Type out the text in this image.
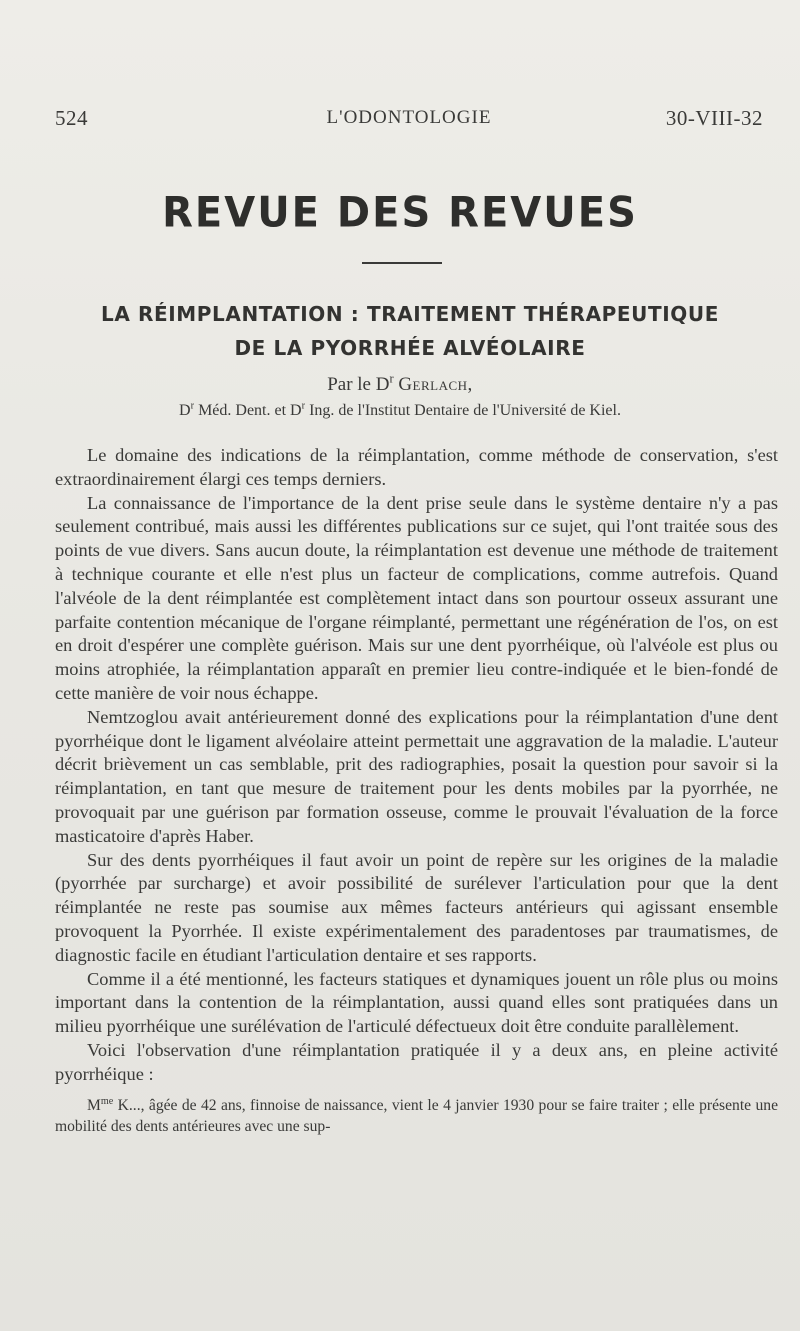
524	L'ODONTOLOGIE	30-VIII-32
REVUE DES REVUES
LA RÉIMPLANTATION : TRAITEMENT THÉRAPEUTIQUE
DE LA PYORRHÉE ALVÉOLAIRE
Par le $D^r$ Gerlach,
$D^r$ Méd. Dent. et $D^r$ Ing. de l'Institut Dentaire de l'Université de Kiel.

Le domaine des indications de la réimplantation, comme méthode de conservation, s'est extraordinairement élargi ces temps derniers.

La connaissance de l'importance de la dent prise seule dans le système dentaire n'y a pas seulement contribué, mais aussi les différentes publications sur ce sujet, qui l'ont traitée sous des points de vue divers. Sans aucun doute, la réimplantation est devenue une méthode de traitement à technique courante et elle n'est plus un facteur de complications, comme autrefois. Quand l'alvéole de la dent réimplantée est complètement intact dans son pourtour osseux assurant une parfaite contention mécanique de l'organe réimplanté, permettant une régénération de l'os, on est en droit d'espérer une complète guérison. Mais sur une dent pyorrhéique, où l'alvéole est plus ou moins atrophiée, la réimplantation apparaît en premier lieu contre-indiquée et le bien-fondé de cette manière de voir nous échappe.

Nemtzoglou avait antérieurement donné des explications pour la réimplantation d'une dent pyorrhéique dont le ligament alvéolaire atteint permettait une aggravation de la maladie. L'auteur décrit brièvement un cas semblable, prit des radiographies, posait la question pour savoir si la réimplantation, en tant que mesure de traitement pour les dents mobiles par la pyorrhée, ne provoquait par une guérison par formation osseuse, comme le prouvait l'évaluation de la force masticatoire d'après Haber.

Sur des dents pyorrhéiques il faut avoir un point de repère sur les origines de la maladie (pyorrhée par surcharge) et avoir possibilité de surélever l'articulation pour que la dent réimplantée ne reste pas soumise aux mêmes facteurs antérieurs qui agissant ensemble provoquent la Pyorrhée. Il existe expérimentalement des paradentoses par traumatismes, de diagnostic facile en étudiant l'articulation dentaire et ses rapports.

Comme il a été mentionné, les facteurs statiques et dynamiques jouent un rôle plus ou moins important dans la contention de la réimplantation, aussi quand elles sont pratiquées dans un milieu pyorrhéique une surélévation de l'articulé défectueux doit être conduite parallèlement.

Voici l'observation d'une réimplantation pratiquée il y a deux ans, en pleine activité pyorrhéique :

$M^{me}$ K..., âgée de 42 ans, finnoise de naissance, vient le 4 janvier 1930 pour se faire traiter ; elle présente une mobilité des dents antérieures avec une sup-
